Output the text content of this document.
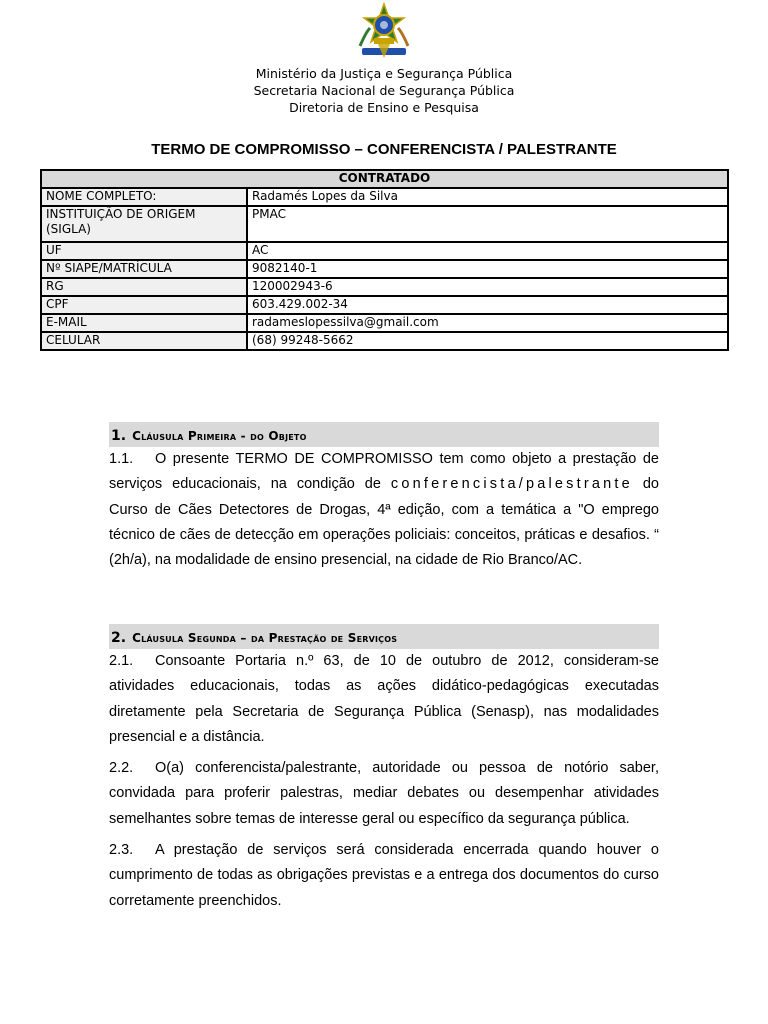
Ministério da Justiça e Segurança Pública
Secretaria Nacional de Segurança Pública
Diretoria de Ensino e Pesquisa
TERMO DE COMPROMISSO – CONFERENCISTA / PALESTRANTE
CONTRATADO	
NOME COMPLETO:	Radamés Lopes da Silva
INSTITUIÇÃO DE ORIGEM (SIGLA)	PMAC
UF	AC
Nº SIAPE/MATRÍCULA	9082140-1
RG	120002943-6
CPF	603.429.002-34
E-MAIL	radameslopessilva@gmail.com
CELULAR	(68) 99248-5662
1. Cláusula Primeira - do Objeto

1.1. O presente TERMO DE COMPROMISSO tem como objeto a prestação de serviços educacionais, na condição de conferencista/palestrante do Curso de Cães Detectores de Drogas, 4ª edição, com a temática a "O emprego técnico de cães de detecção em operações policiais: conceitos, práticas e desafios. “ (2h/a), na modalidade de ensino presencial, na cidade de Rio Branco/AC.

2. Cláusula Segunda – da Prestação de Serviços

2.1. Consoante Portaria n.º 63, de 10 de outubro de 2012, consideram-se atividades educacionais, todas as ações didático-pedagógicas executadas diretamente pela Secretaria de Segurança Pública (Senasp), nas modalidades presencial e a distância.

2.2. O(a) conferencista/palestrante, autoridade ou pessoa de notório saber, convidada para proferir palestras, mediar debates ou desempenhar atividades semelhantes sobre temas de interesse geral ou específico da segurança pública.

2.3. A prestação de serviços será considerada encerrada quando houver o cumprimento de todas as obrigações previstas e a entrega dos documentos do curso corretamente preenchidos.
